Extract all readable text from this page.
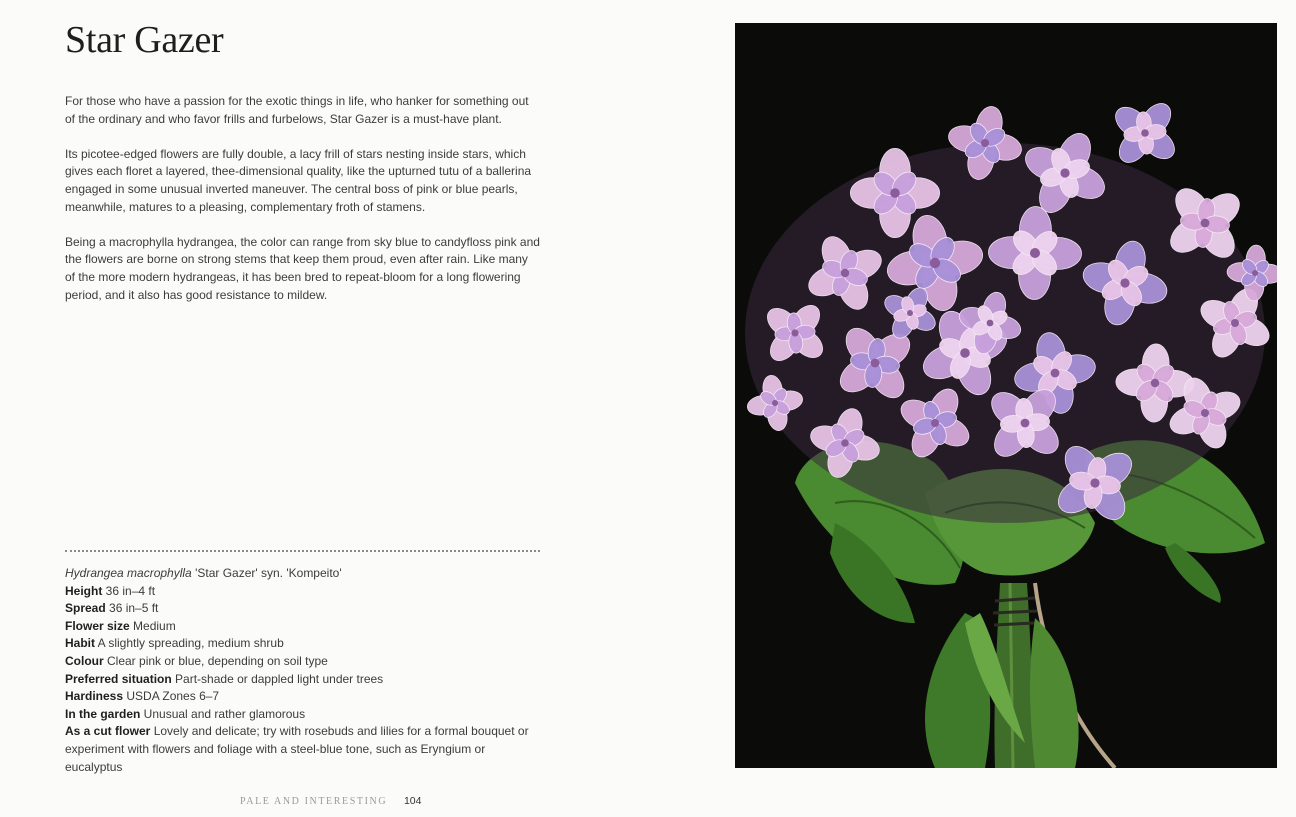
Star Gazer

For those who have a passion for the exotic things in life, who hanker for something out of the ordinary and who favor frills and furbelows, Star Gazer is a must-have plant.

Its picotee-edged flowers are fully double, a lacy frill of stars nesting inside stars, which gives each floret a layered, thee-dimensional quality, like the upturned tutu of a ballerina engaged in some unusual inverted maneuver. The central boss of pink or blue pearls, meanwhile, matures to a pleasing, complementary froth of stamens.

Being a macrophylla hydrangea, the color can range from sky blue to candyfloss pink and the flowers are borne on strong stems that keep them proud, even after rain. Like many of the more modern hydrangeas, it has been bred to repeat-bloom for a long flowering period, and it also has good resistance to mildew.

Hydrangea macrophylla 'Star Gazer' syn. 'Kompeito'
Height 36 in–4 ft
Spread 36 in–5 ft
Flower size Medium
Habit A slightly spreading, medium shrub
Colour Clear pink or blue, depending on soil type
Preferred situation Part-shade or dappled light under trees
Hardiness USDA Zones 6–7
In the garden Unusual and rather glamorous
As a cut flower Lovely and delicate; try with rosebuds and lilies for a formal bouquet or experiment with flowers and foliage with a steel-blue tone, such as Eryngium or eucalyptus
PALE AND INTERESTING 104
